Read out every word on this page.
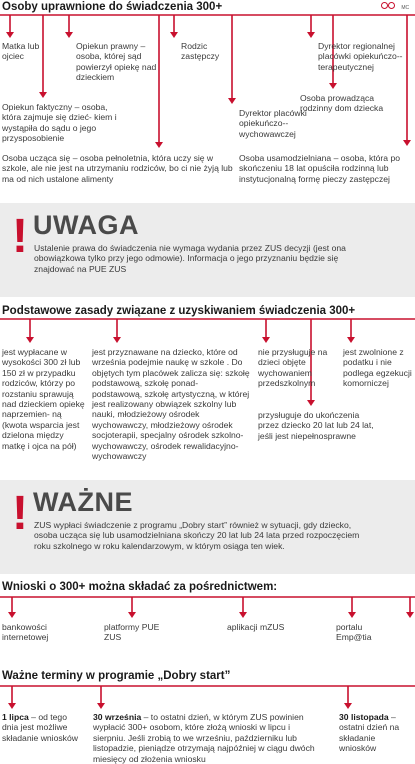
Osoby uprawnione do świadczenia 300+	MC
Matka lub ojciec
Opiekun prawny – osoba, której sąd powierzył opiekę nad dzieckiem
Rodzic zastępczy
Dyrektor regionalnej placówki opiekuńczo--terapeutycznej
Opiekun faktyczny – osoba, która zajmuje się dzieć- kiem i wystąpiła do sądu o jego przysposobienie
Dyrektor placówki opiekuńczo--wychowawczej
Osoba prowadząca rodzinny dom dziecka
Osoba ucząca się – osoba pełnoletnia, która uczy się w szkole, ale nie jest na utrzymaniu rodziców, bo ci nie żyją lub ma od nich ustalone alimenty
Osoba usamodzielniana – osoba, która po skończeniu 18 lat opuściła rodzinną lub instytucjonalną formę pieczy zastępczej
! UWAGA
Ustalenie prawa do świadczenia nie wymaga wydania przez ZUS decyzji (jest ona obowiązkowa tylko przy jego odmowie). Informacja o jego przyznaniu będzie się znajdować na PUE ZUS
Podstawowe zasady związane z uzyskiwaniem świadczenia 300+
jest wypłacane w wysokości 300 zł lub 150 zł w przypadku rodziców, którzy po rozstaniu sprawują nad dzieckiem opiekę naprzemien- ną (kwota wsparcia jest dzielona między matkę i ojca na pół)
jest przyznawane na dziecko, które od września podejmie naukę w szkole . Do objętych tym placówek zalicza się: szkołę podstawową, szkołę ponad- podstawową, szkołę artystyczną, w której jest realizowany obwiązek szkolny lub nauki, młodzieżowy ośrodek wychowawczy, młodzieżowy ośrodek socjoterapii, specjalny ośrodek szkolno-wychowawczy, ośrodek rewalidacyjno-wychowawczy
nie przysługuje na dzieci objęte wychowaniem przedszkolnym
jest zwolnione z podatku i nie podlega egzekucji komorniczej
przysługuje do ukończenia przez dziecko 20 lat lub 24 lat, jeśli jest niepełnosprawne
! WAŻNE
ZUS wypłaci świadczenie z programu „Dobry start” również w sytuacji, gdy dziecko, osoba ucząca się lub usamodzielniana skończy 20 lat lub 24 lata przed rozpoczęciem roku szkolnego w roku kalendarzowym, w którym osiąga ten wiek.
Wnioski o 300+ można składać za pośrednictwem:
bankowości internetowej
platformy PUE ZUS
aplikacji mZUS	portalu Emp@tia
Ważne terminy w programie „Dobry start”
1 lipca – od tego dnia jest możliwe składanie wniosków
30 września – to ostatni dzień, w którym ZUS powinien wypłacić 300+ osobom, które złożą wnioski w lipcu i sierpniu. Jeśli zrobią to we wrześniu, październiku lub listopadzie, pieniądze otrzymają najpóźniej w ciągu dwóch miesięcy od złożenia wniosku
30 listopada – ostatni dzień na składanie wniosków
